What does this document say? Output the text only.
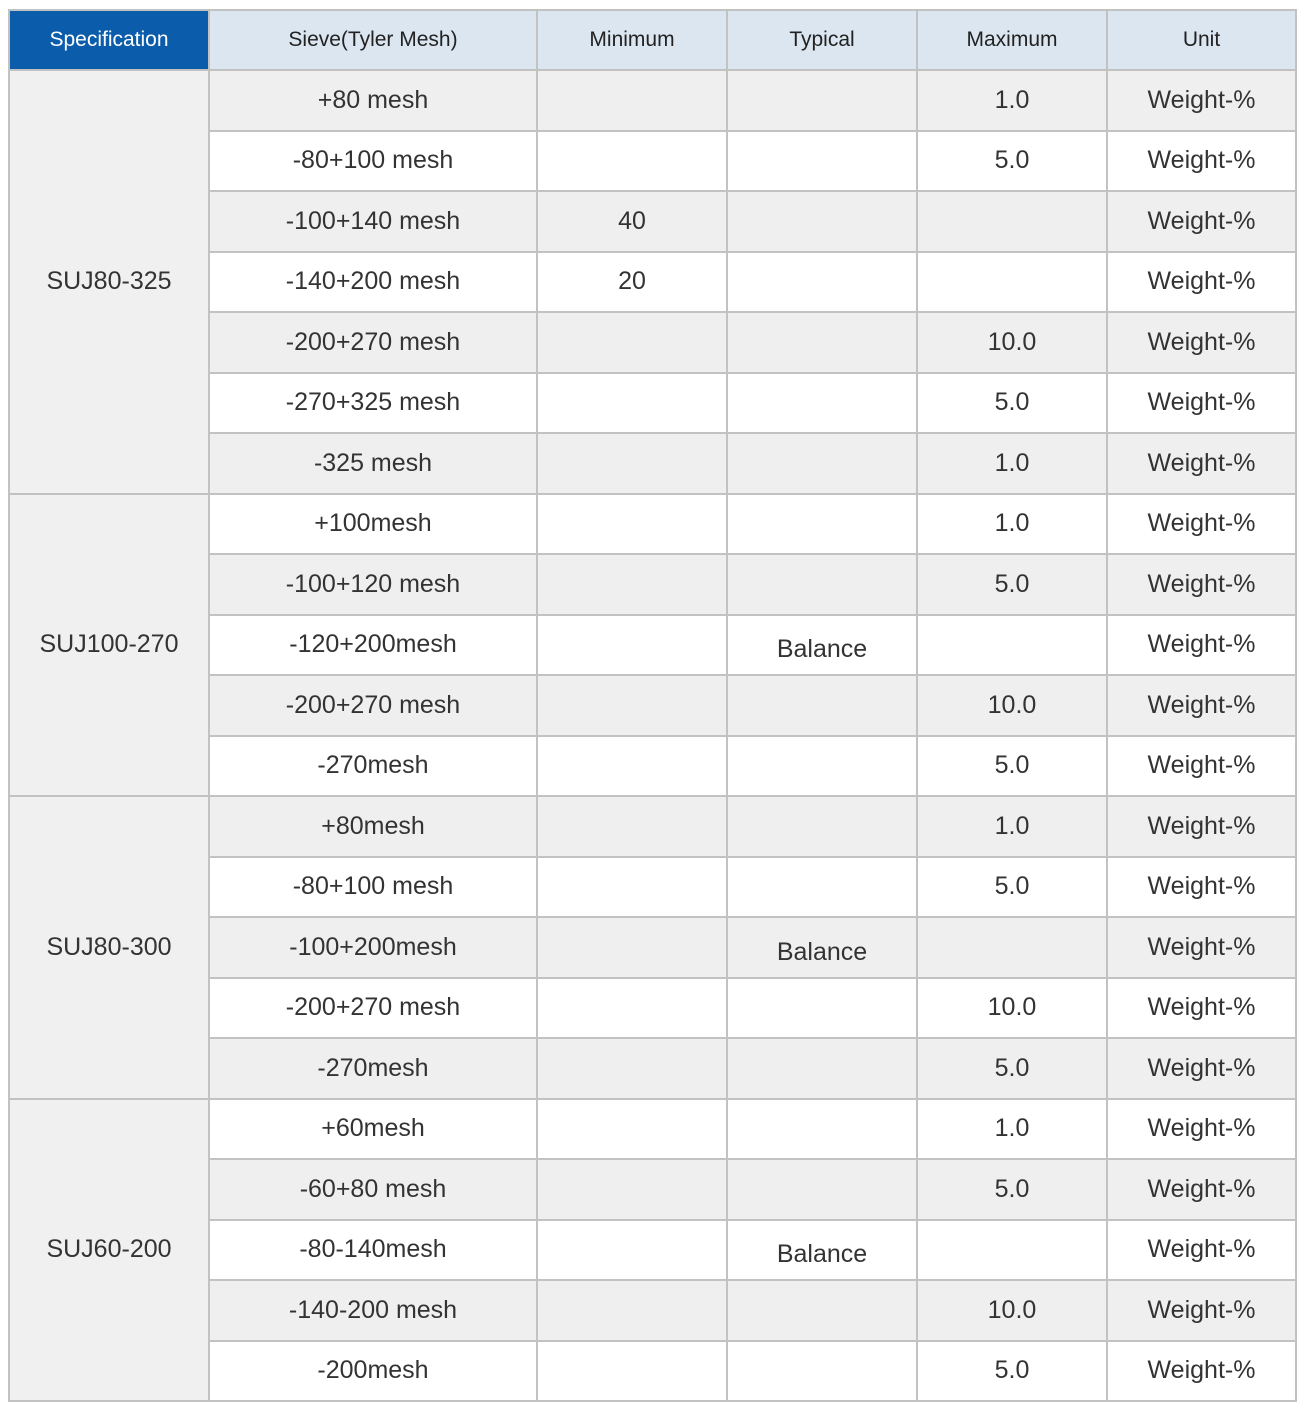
Specification	Sieve(Tyler Mesh)	Minimum	Typical	Maximum	Unit
SUJ80-325	+80 mesh			1.0	Weight-%
	-80+100 mesh			5.0	Weight-%
	-100+140 mesh	40			Weight-%
	-140+200 mesh	20			Weight-%
	-200+270 mesh			10.0	Weight-%
	-270+325 mesh			5.0	Weight-%
	-325 mesh			1.0	Weight-%
SUJ100-270	+100mesh			1.0	Weight-%
	-100+120 mesh			5.0	Weight-%
	-120+200mesh		Balance		Weight-%
	-200+270 mesh			10.0	Weight-%
	-270mesh			5.0	Weight-%
SUJ80-300	+80mesh			1.0	Weight-%
	-80+100 mesh			5.0	Weight-%
	-100+200mesh		Balance		Weight-%
	-200+270 mesh			10.0	Weight-%
	-270mesh			5.0	Weight-%
SUJ60-200	+60mesh			1.0	Weight-%
	-60+80 mesh			5.0	Weight-%
	-80-140mesh		Balance		Weight-%
	-140-200 mesh			10.0	Weight-%
	-200mesh			5.0	Weight-%
